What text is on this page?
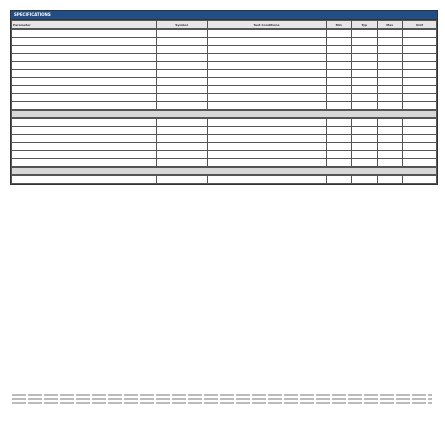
SPECIFICATIONS
Parameter	Symbol	Test Conditions	Min	Typ	Max	Unit
